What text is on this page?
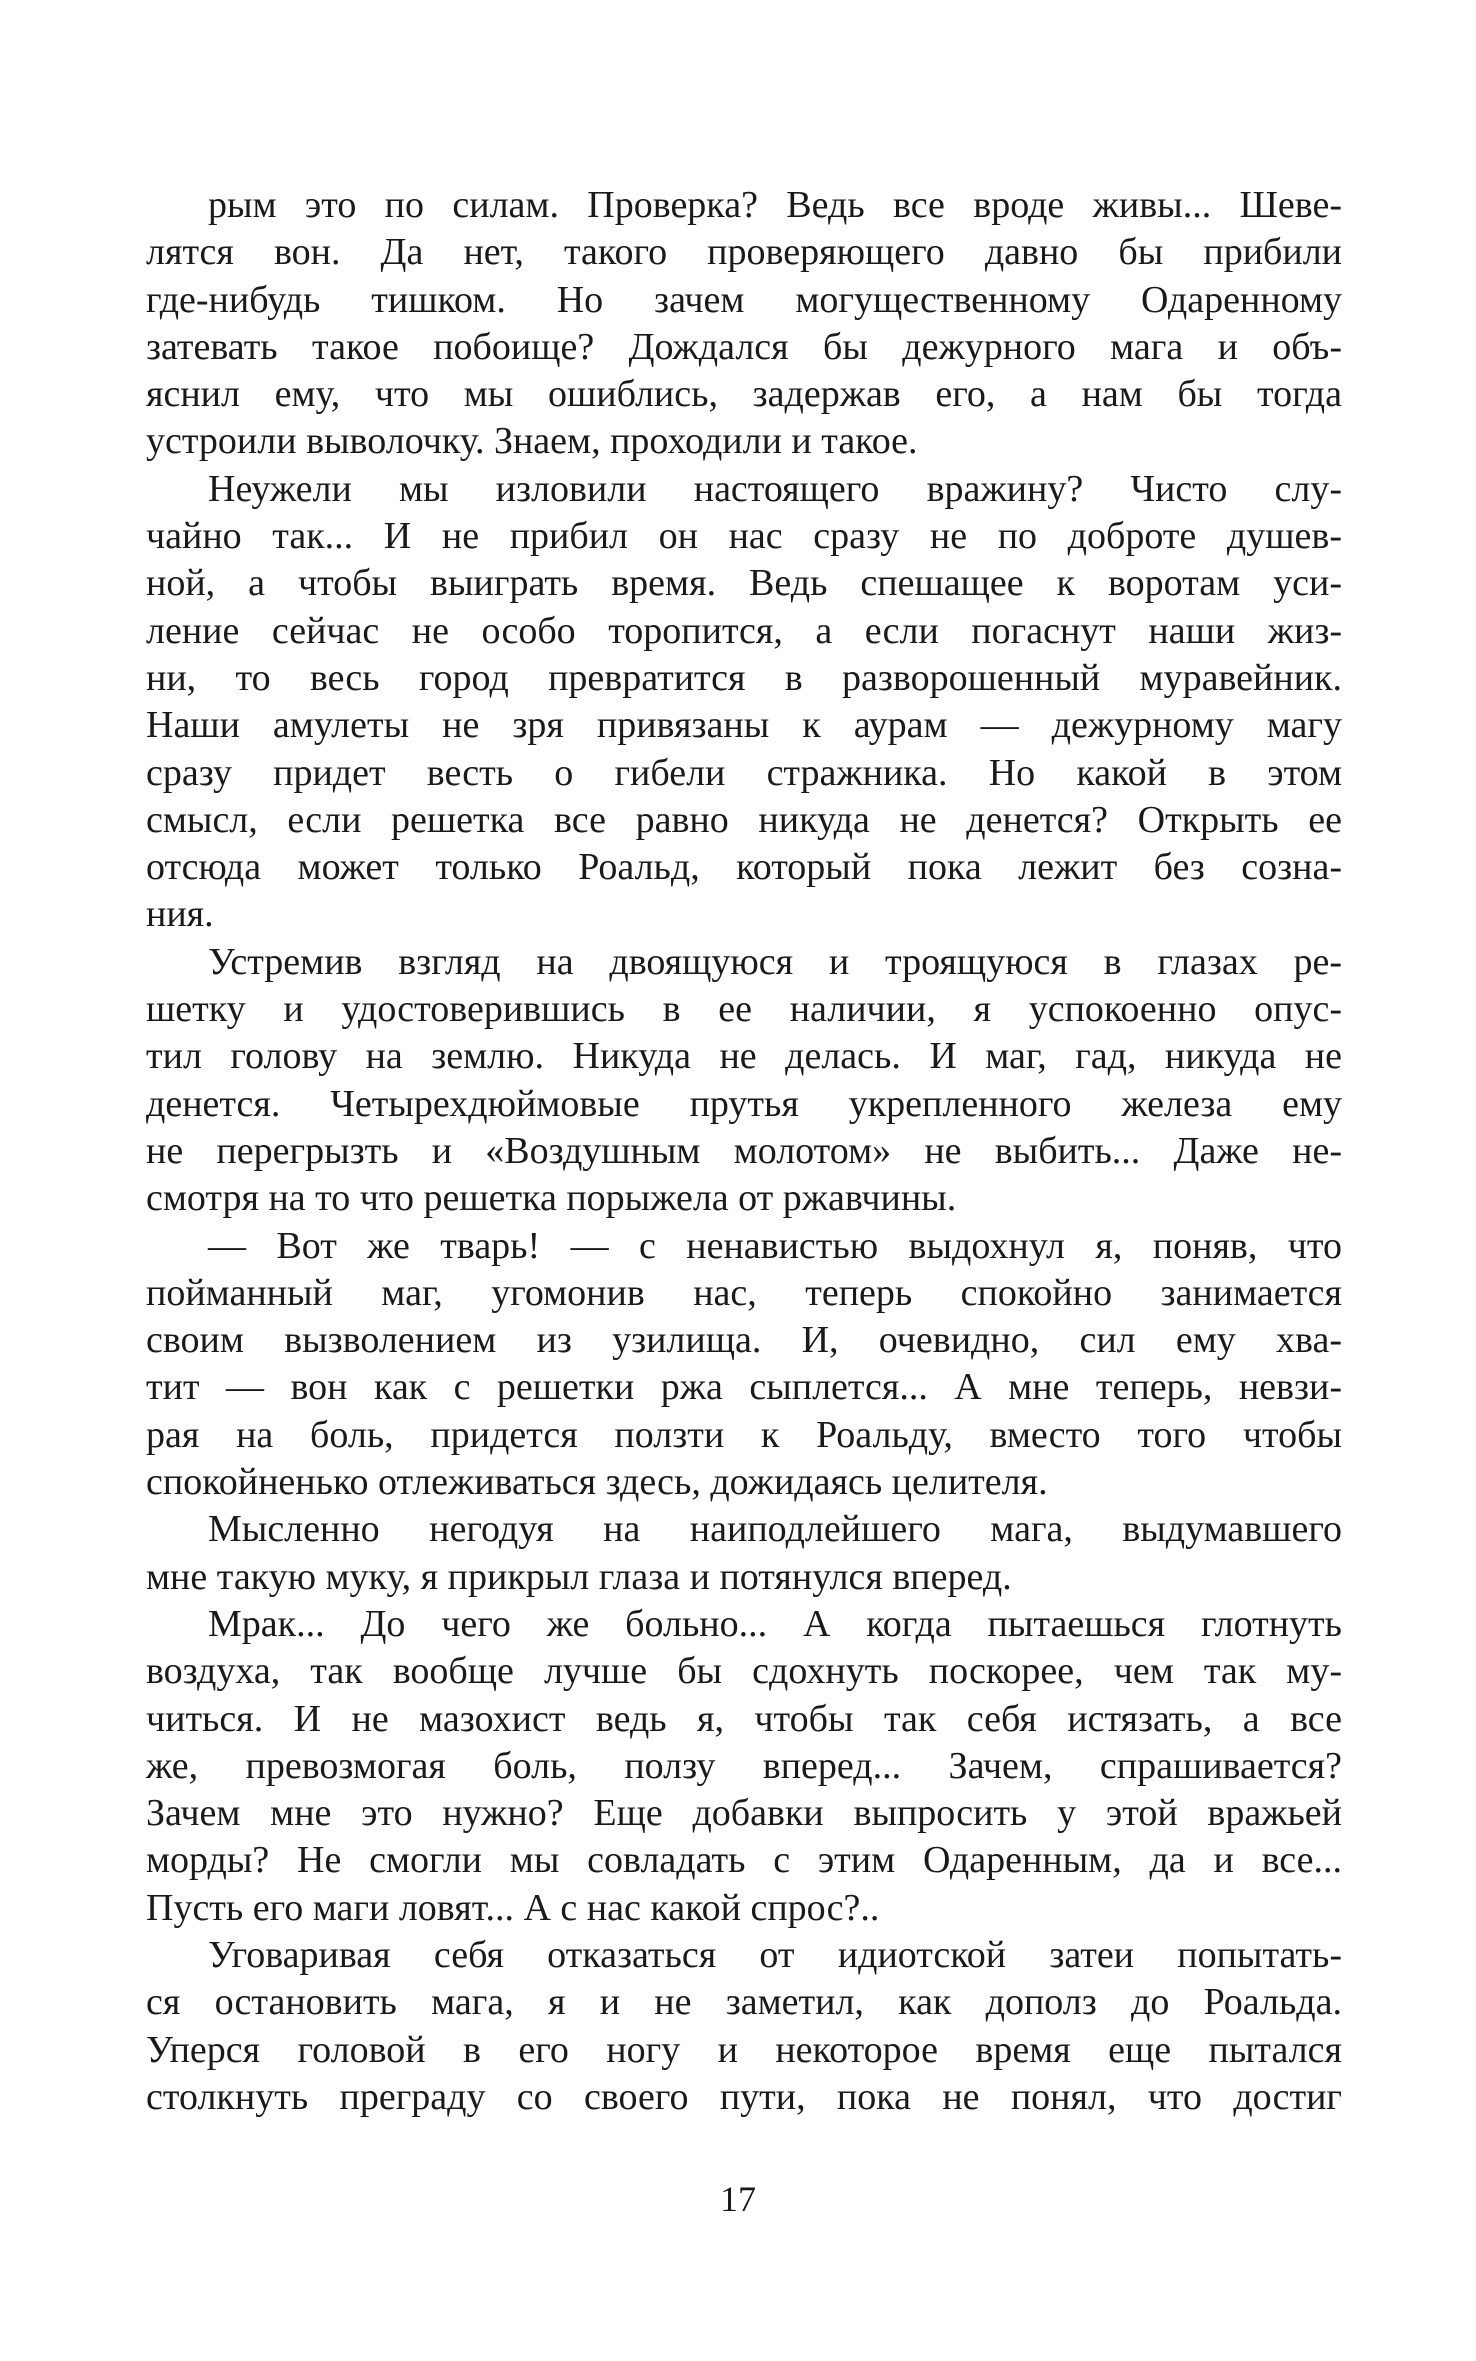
рым это по силам. Проверка? Ведь все вроде живы... Шеве-
лятся вон. Да нет, такого проверяющего давно бы прибили
где-нибудь тишком. Но зачем могущественному Одаренному
затевать такое побоище? Дождался бы дежурного мага и объ-
яснил ему, что мы ошиблись, задержав его, а нам бы тогда
устроили выволочку. Знаем, проходили и такое.
Неужели мы изловили настоящего вражину? Чисто слу-
чайно так... И не прибил он нас сразу не по доброте душев-
ной, а чтобы выиграть время. Ведь спешащее к воротам уси-
ление сейчас не особо торопится, а если погаснут наши жиз-
ни, то весь город превратится в разворошенный муравейник.
Наши амулеты не зря привязаны к аурам — дежурному магу
сразу придет весть о гибели стражника. Но какой в этом
смысл, если решетка все равно никуда не денется? Открыть ее
отсюда может только Роальд, который пока лежит без созна-
ния.
Устремив взгляд на двоящуюся и троящуюся в глазах ре-
шетку и удостоверившись в ее наличии, я успокоенно опус-
тил голову на землю. Никуда не делась. И маг, гад, никуда не
денется. Четырехдюймовые прутья укрепленного железа ему
не перегрызть и «Воздушным молотом» не выбить... Даже не-
смотря на то что решетка порыжела от ржавчины.
— Вот же тварь! — с ненавистью выдохнул я, поняв, что
пойманный маг, угомонив нас, теперь спокойно занимается
своим вызволением из узилища. И, очевидно, сил ему хва-
тит — вон как с решетки ржа сыплется... А мне теперь, невзи-
рая на боль, придется ползти к Роальду, вместо того чтобы
спокойненько отлеживаться здесь, дожидаясь целителя.
Мысленно негодуя на наиподлейшего мага, выдумавшего
мне такую муку, я прикрыл глаза и потянулся вперед.
Мрак... До чего же больно... А когда пытаешься глотнуть
воздуха, так вообще лучше бы сдохнуть поскорее, чем так му-
читься. И не мазохист ведь я, чтобы так себя истязать, а все
же, превозмогая боль, ползу вперед... Зачем, спрашивается?
Зачем мне это нужно? Еще добавки выпросить у этой вражьей
морды? Не смогли мы совладать с этим Одаренным, да и все...
Пусть его маги ловят... А с нас какой спрос?..
Уговаривая себя отказаться от идиотской затеи попытать-
ся остановить мага, я и не заметил, как дополз до Роальда.
Уперся головой в его ногу и некоторое время еще пытался
столкнуть преграду со своего пути, пока не понял, что достиг
17
